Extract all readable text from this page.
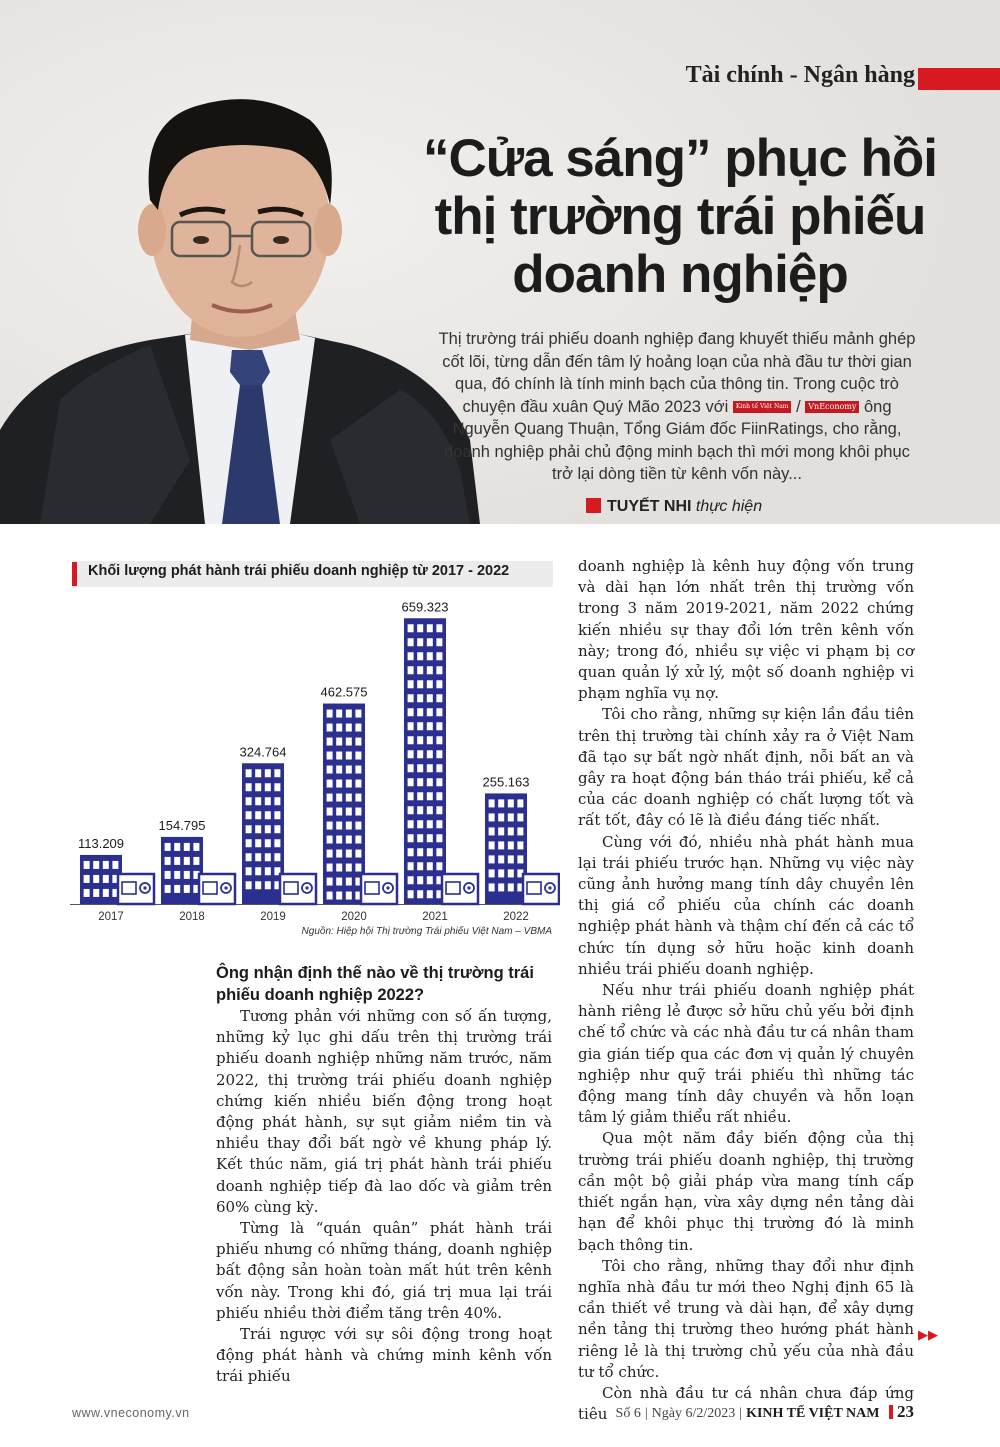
Tài chính - Ngân hàng
“Cửa sáng” phục hồi
thị trường trái phiếu
doanh nghiệp
Thị trường trái phiếu doanh nghiệp đang khuyết thiếu mảnh ghép cốt lõi, từng dẫn đến tâm lý hoảng loạn của nhà đầu tư thời gian qua, đó chính là tính minh bạch của thông tin. Trong cuộc trò chuyện đầu xuân Quý Mão 2023 với Kinh tế Việt Nam / VnEconomy ông Nguyễn Quang Thuận, Tổng Giám đốc FiinRatings, cho rằng, doanh nghiệp phải chủ động minh bạch thì mới mong khôi phục trở lại dòng tiền từ kênh vốn này...
TUYẾT NHI thực hiện
Khối lượng phát hành trái phiếu doanh nghiệp từ 2017 - 2022
113.209
2017
154.795
2018
324.764
2019
462.575
2020
659.323
2021
255.163
2022
Nguồn: Hiệp hội Thị trường Trái phiếu Việt Nam – VBMA
Ông nhận định thế nào về thị trường trái phiếu doanh nghiệp 2022?

Tương phản với những con số ấn tượng, những kỷ lục ghi dấu trên thị trường trái phiếu doanh nghiệp những năm trước, năm 2022, thị trường trái phiếu doanh nghiệp chứng kiến nhiều biến động trong hoạt động phát hành, sự sụt giảm niềm tin và nhiều thay đổi bất ngờ về khung pháp lý. Kết thúc năm, giá trị phát hành trái phiếu doanh nghiệp tiếp đà lao dốc và giảm trên 60% cùng kỳ.

Từng là “quán quân” phát hành trái phiếu nhưng có những tháng, doanh nghiệp bất động sản hoàn toàn mất hút trên kênh vốn này. Trong khi đó, giá trị mua lại trái phiếu nhiều thời điểm tăng trên 40%.

Trái ngược với sự sôi động trong hoạt động phát hành và chứng minh kênh vốn trái phiếu

doanh nghiệp là kênh huy động vốn trung và dài hạn lớn nhất trên thị trường vốn trong 3 năm 2019-2021, năm 2022 chứng kiến nhiều sự thay đổi lớn trên kênh vốn này; trong đó, nhiều sự việc vi phạm bị cơ quan quản lý xử lý, một số doanh nghiệp vi phạm nghĩa vụ nợ.

Tôi cho rằng, những sự kiện lần đầu tiên trên thị trường tài chính xảy ra ở Việt Nam đã tạo sự bất ngờ nhất định, nỗi bất an và gây ra hoạt động bán tháo trái phiếu, kể cả của các doanh nghiệp có chất lượng tốt và rất tốt, đây có lẽ là điều đáng tiếc nhất.

Cùng với đó, nhiều nhà phát hành mua lại trái phiếu trước hạn. Những vụ việc này cũng ảnh hưởng mang tính dây chuyền lên thị giá cổ phiếu của chính các doanh nghiệp phát hành và thậm chí đến cả các tổ chức tín dụng sở hữu hoặc kinh doanh nhiều trái phiếu doanh nghiệp.

Nếu như trái phiếu doanh nghiệp phát hành riêng lẻ được sở hữu chủ yếu bởi định chế tổ chức và các nhà đầu tư cá nhân tham gia gián tiếp qua các đơn vị quản lý chuyên nghiệp như quỹ trái phiếu thì những tác động mang tính dây chuyền và hỗn loạn tâm lý giảm thiểu rất nhiều.

Qua một năm đầy biến động của thị trường trái phiếu doanh nghiệp, thị trường cần một bộ giải pháp vừa mang tính cấp thiết ngắn hạn, vừa xây dựng nền tảng dài hạn để khôi phục thị trường đó là minh bạch thông tin.

Tôi cho rằng, những thay đổi như định nghĩa nhà đầu tư mới theo Nghị định 65 là cần thiết về trung và dài hạn, để xây dựng nền tảng thị trường theo hướng phát hành riêng lẻ là thị trường chủ yếu của nhà đầu tư tổ chức.

Còn nhà đầu tư cá nhân chưa đáp ứng tiêu

▶▶
www.vneconomy.vn	Số 6 | Ngày 6/2/2023 | KINH TẾ VIỆT NAM 23
